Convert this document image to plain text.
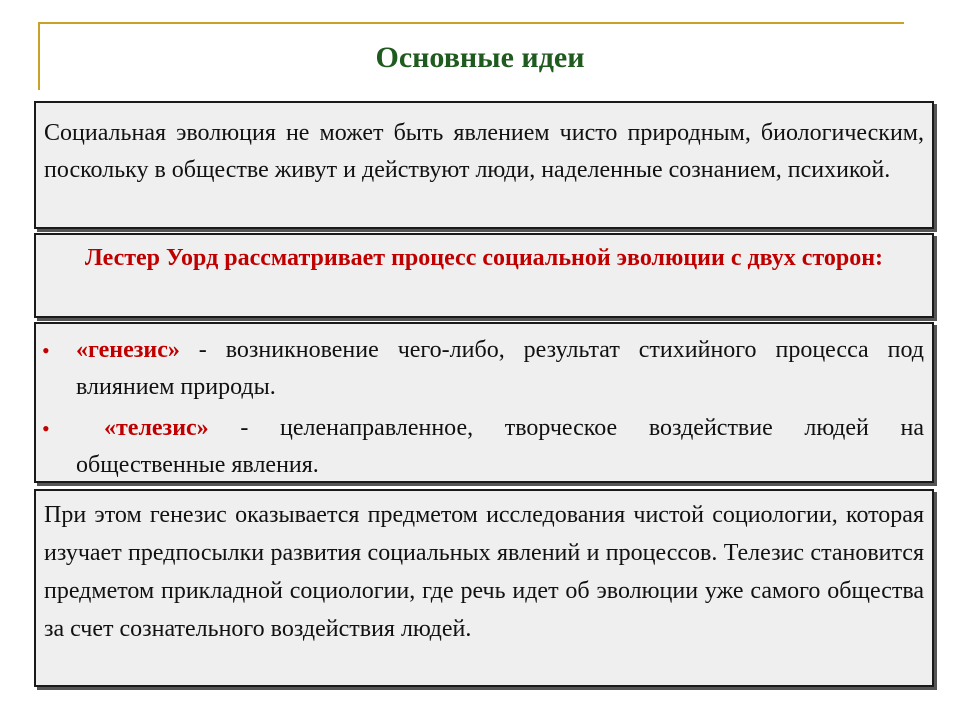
Основные идеи
Социальная эволюция не может быть явлением чисто природным, биологическим, поскольку в обществе живут и действуют люди, наделенные сознанием, психикой.
Лестер Уорд рассматривает процесс социальной эволюции с двух сторон:
• «генезис» - возникновение чего-либо, результат стихийного процесса под влиянием природы.
• «телезис» - целенаправленное, творческое воздействие людей на общественные явления.
При этом генезис оказывается предметом исследования чистой социологии, которая изучает предпосылки развития социальных явлений и процессов. Телезис становится предметом прикладной социологии, где речь идет об эволюции уже самого общества за счет сознательного воздействия людей.
